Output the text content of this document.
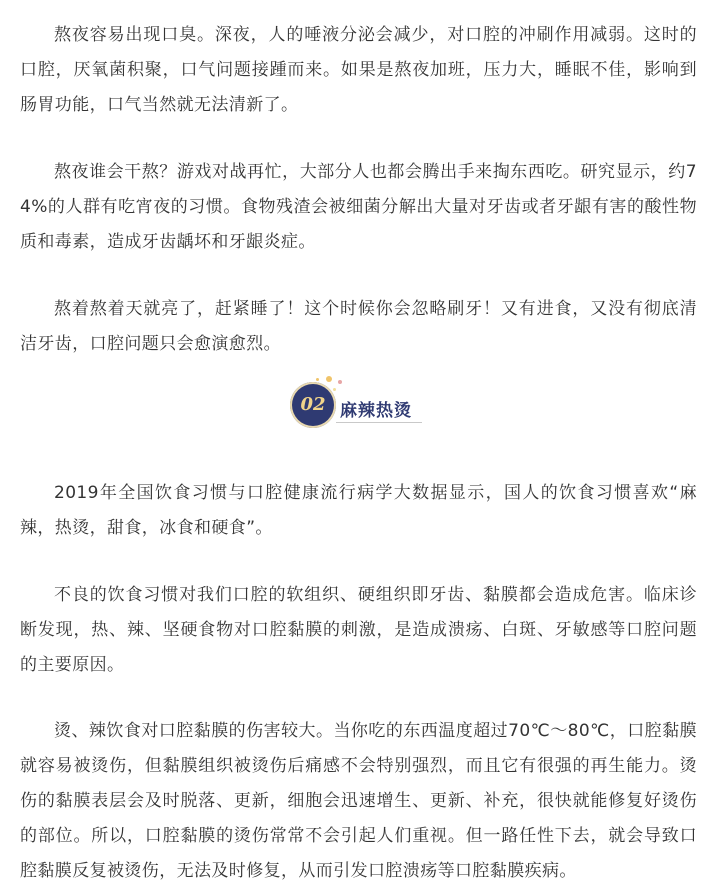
熬夜容易出现口臭。深夜，人的唾液分泌会减少，对口腔的冲刷作用减弱。这时的口腔，厌氧菌积聚，口气问题接踵而来。如果是熬夜加班，压力大，睡眠不佳，影响到肠胃功能，口气当然就无法清新了。

熬夜谁会干熬？游戏对战再忙，大部分人也都会腾出手来掏东西吃。研究显示，约74%的人群有吃宵夜的习惯。食物残渣会被细菌分解出大量对牙齿或者牙龈有害的酸性物质和毒素，造成牙齿龋坏和牙龈炎症。

熬着熬着天就亮了，赶紧睡了！这个时候你会忽略刷牙！又有进食，又没有彻底清洁牙齿，口腔问题只会愈演愈烈。

02 麻辣热烫

2019年全国饮食习惯与口腔健康流行病学大数据显示，国人的饮食习惯喜欢“麻辣，热烫，甜食，冰食和硬食”。

不良的饮食习惯对我们口腔的软组织、硬组织即牙齿、黏膜都会造成危害。临床诊断发现，热、辣、坚硬食物对口腔黏膜的刺激，是造成溃疡、白斑、牙敏感等口腔问题的主要原因。

烫、辣饮食对口腔黏膜的伤害较大。当你吃的东西温度超过70℃～80℃，口腔黏膜就容易被烫伤，但黏膜组织被烫伤后痛感不会特别强烈，而且它有很强的再生能力。烫伤的黏膜表层会及时脱落、更新，细胞会迅速增生、更新、补充，很快就能修复好烫伤的部位。所以，口腔黏膜的烫伤常常不会引起人们重视。但一路任性下去，就会导致口腔黏膜反复被烫伤，无法及时修复，从而引发口腔溃疡等口腔黏膜疾病。
